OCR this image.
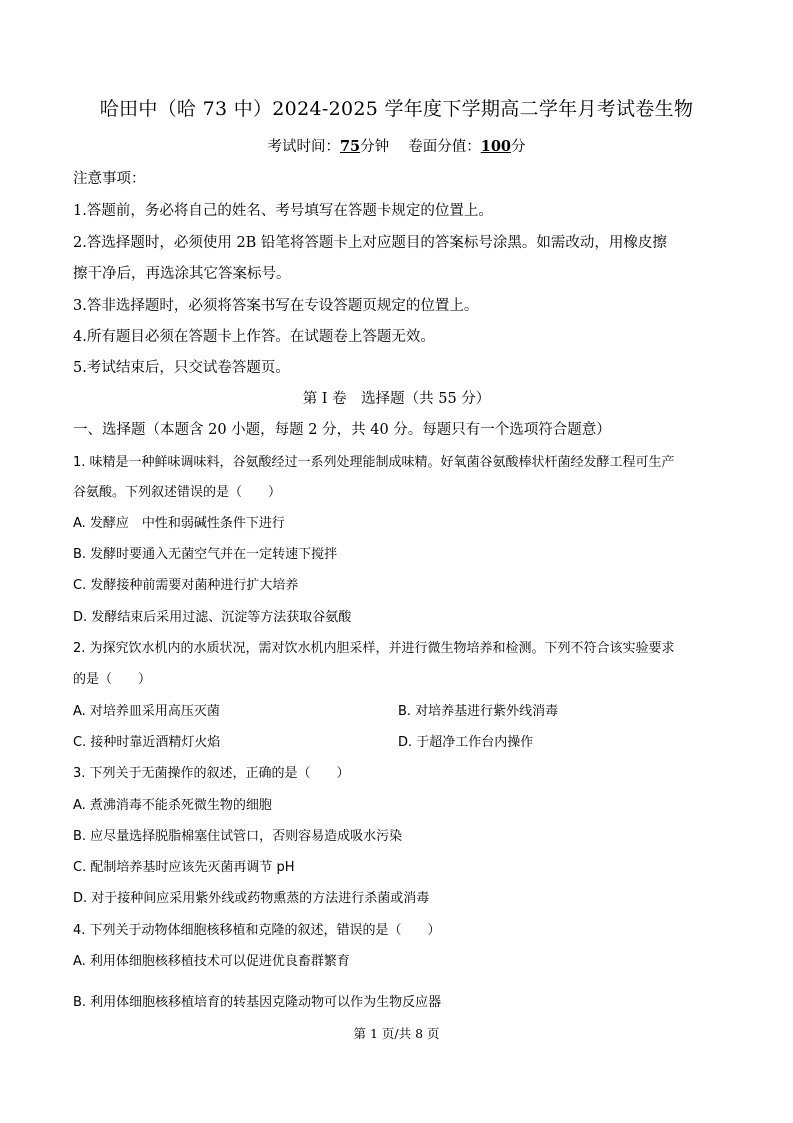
哈田中（哈 73 中）2024-2025 学年度下学期高二学年月考试卷生物
考试时间：75分钟　 卷面分值：100分
注意事项：
1.答题前，务必将自己的姓名、考号填写在答题卡规定的位置上。
2.答选择题时，必须使用 2B 铅笔将答题卡上对应题目的答案标号涂黑。如需改动，用橡皮擦
擦干净后，再选涂其它答案标号。
3.答非选择题时，必须将答案书写在专设答题页规定的位置上。
4.所有题目必须在答题卡上作答。在试题卷上答题无效。
5.考试结束后，只交试卷答题页。
第 I 卷　选择题（共 55 分）
一、选择题（本题含 20 小题，每题 2 分，共 40 分。每题只有一个选项符合题意）
1. 味精是一种鲜味调味料，谷氨酸经过一系列处理能制成味精。好氧菌谷氨酸棒状杆菌经发酵工程可生产
谷氨酸。下列叙述错误的是（　　）
A. 发酵应　中性和弱碱性条件下进行
B. 发酵时要通入无菌空气并在一定转速下搅拌
C. 发酵接种前需要对菌种进行扩大培养
D. 发酵结束后采用过滤、沉淀等方法获取谷氨酸
2. 为探究饮水机内的水质状况，需对饮水机内胆采样，并进行微生物培养和检测。下列不符合该实验要求
的是（　　）
A. 对培养皿采用高压灭菌	B. 对培养基进行紫外线消毒
C. 接种时靠近酒精灯火焰	D. 于超净工作台内操作
3. 下列关于无菌操作的叙述，正确的是（　　）
A. 煮沸消毒不能杀死微生物的细胞
B. 应尽量选择脱脂棉塞住试管口，否则容易造成吸水污染
C. 配制培养基时应该先灭菌再调节 pH
D. 对于接种间应采用紫外线或药物熏蒸的方法进行杀菌或消毒
4. 下列关于动物体细胞核移植和克隆的叙述，错误的是（　　）
A. 利用体细胞核移植技术可以促进优良畜群繁育
B. 利用体细胞核移植培育的转基因克隆动物可以作为生物反应器
第 1 页/共 8 页
